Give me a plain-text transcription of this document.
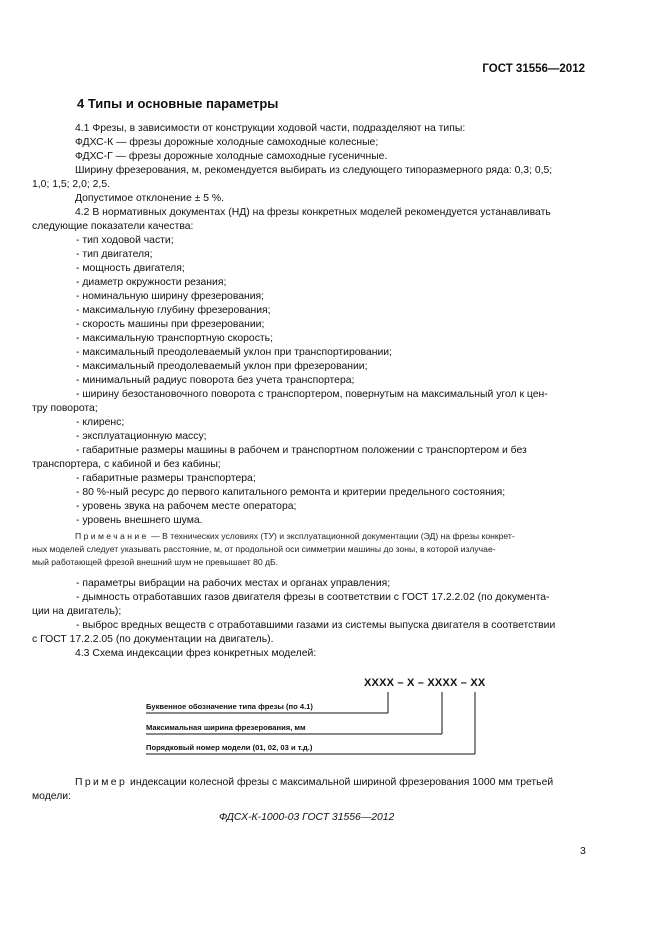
ГОСТ 31556—2012
4 Типы и основные параметры
4.1 Фрезы, в зависимости от конструкции ходовой части, подразделяют на типы:
ФДХС-К — фрезы дорожные холодные самоходные колесные;
ФДХС-Г — фрезы дорожные холодные самоходные гусеничные.
Ширину фрезерования, м, рекомендуется выбирать из следующего типоразмерного ряда: 0,3; 0,5;
1,0; 1,5; 2,0; 2,5.
Допустимое отклонение ± 5 %.
4.2 В нормативных документах (НД) на фрезы конкретных моделей рекомендуется устанавливать
следующие показатели качества:
- тип ходовой части;
- тип двигателя;
- мощность двигателя;
- диаметр окружности резания;
- номинальную ширину фрезерования;
- максимальную глубину фрезерования;
- скорость машины при фрезеровании;
- максимальную транспортную скорость;
- максимальный преодолеваемый уклон при транспортировании;
- максимальный преодолеваемый уклон при фрезеровании;
- минимальный радиус поворота без учета транспортера;
- ширину безостановочного поворота с транспортером, повернутым на максимальный угол к цен-
тру поворота;
- клиренс;
- эксплуатационную массу;
- габаритные размеры машины в рабочем и транспортном положении с транспортером и без
транспортера, с кабиной и без кабины;
- габаритные размеры транспортера;
- 80 %-ный ресурс до первого капитального ремонта и критерии предельного состояния;
- уровень звука на рабочем месте оператора;
- уровень внешнего шума.
Примечание — В технических условиях (ТУ) и эксплуатационной документации (ЭД) на фрезы конкрет-
ных моделей следует указывать расстояние, м, от продольной оси симметрии машины до зоны, в которой излучае-
мый работающей фрезой внешний шум не превышает 80 дБ.
- параметры вибрации на рабочих местах и органах управления;
- дымность отработавших газов двигателя фрезы в соответствии с ГОСТ 17.2.2.02 (по документа-
ции на двигатель);
- выброс вредных веществ с отработавшими газами из системы выпуска двигателя в соответствии
с ГОСТ 17.2.2.05 (по документации на двигатель).
4.3 Схема индексации фрез конкретных моделей:
XXXX – X – XXXX – XX
Буквенное обозначение типа фрезы (по 4.1)
Максимальная ширина фрезерования, мм
Порядковый номер модели (01, 02, 03 и т.д.)
Пример индексации колесной фрезы с максимальной шириной фрезерования 1000 мм третьей
модели:
ФДСХ-К-1000-03 ГОСТ 31556—2012
3
